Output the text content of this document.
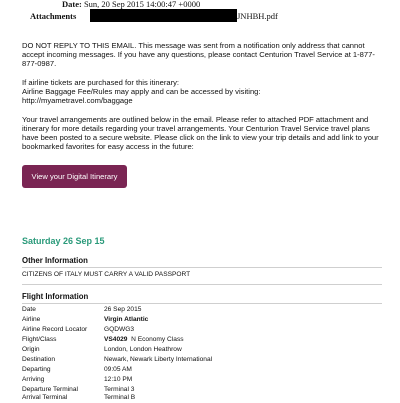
Date: Sun, 20 Sep 2015 14:00:47 +0000
Attachments	JNHBH.pdf
DO NOT REPLY TO THIS EMAIL. This message was sent from a notification only address that cannot accept incoming messages. If you have any questions, please contact Centurion Travel Service at 1-877-877-0987.
If airline tickets are purchased for this itinerary:
Airline Baggage Fee/Rules may apply and can be accessed by visiting:
http://myametravel.com/baggage
Your travel arrangements are outlined below in the email. Please refer to attached PDF attachment and itinerary for more details regarding your travel arrangements. Your Centurion Travel Service travel plans have been posted to a secure website. Please click on the link to view your trip details and add link to your bookmarked favorites for easy access in the future:
View your Digital Itinerary
Saturday 26 Sep 15
Other Information
CITIZENS OF ITALY MUST CARRY A VALID PASSPORT
Flight Information
Date	26 Sep 2015
Airline	Virgin Atlantic
Airline Record Locator	GQDWG3
Flight/Class	VS4029  N Economy Class
Origin	London, London Heathrow
Destination	Newark, Newark Liberty International
Departing	09:05 AM
Arriving	12:10 PM
Departure Terminal	Terminal 3
Arrival Terminal	Terminal B
